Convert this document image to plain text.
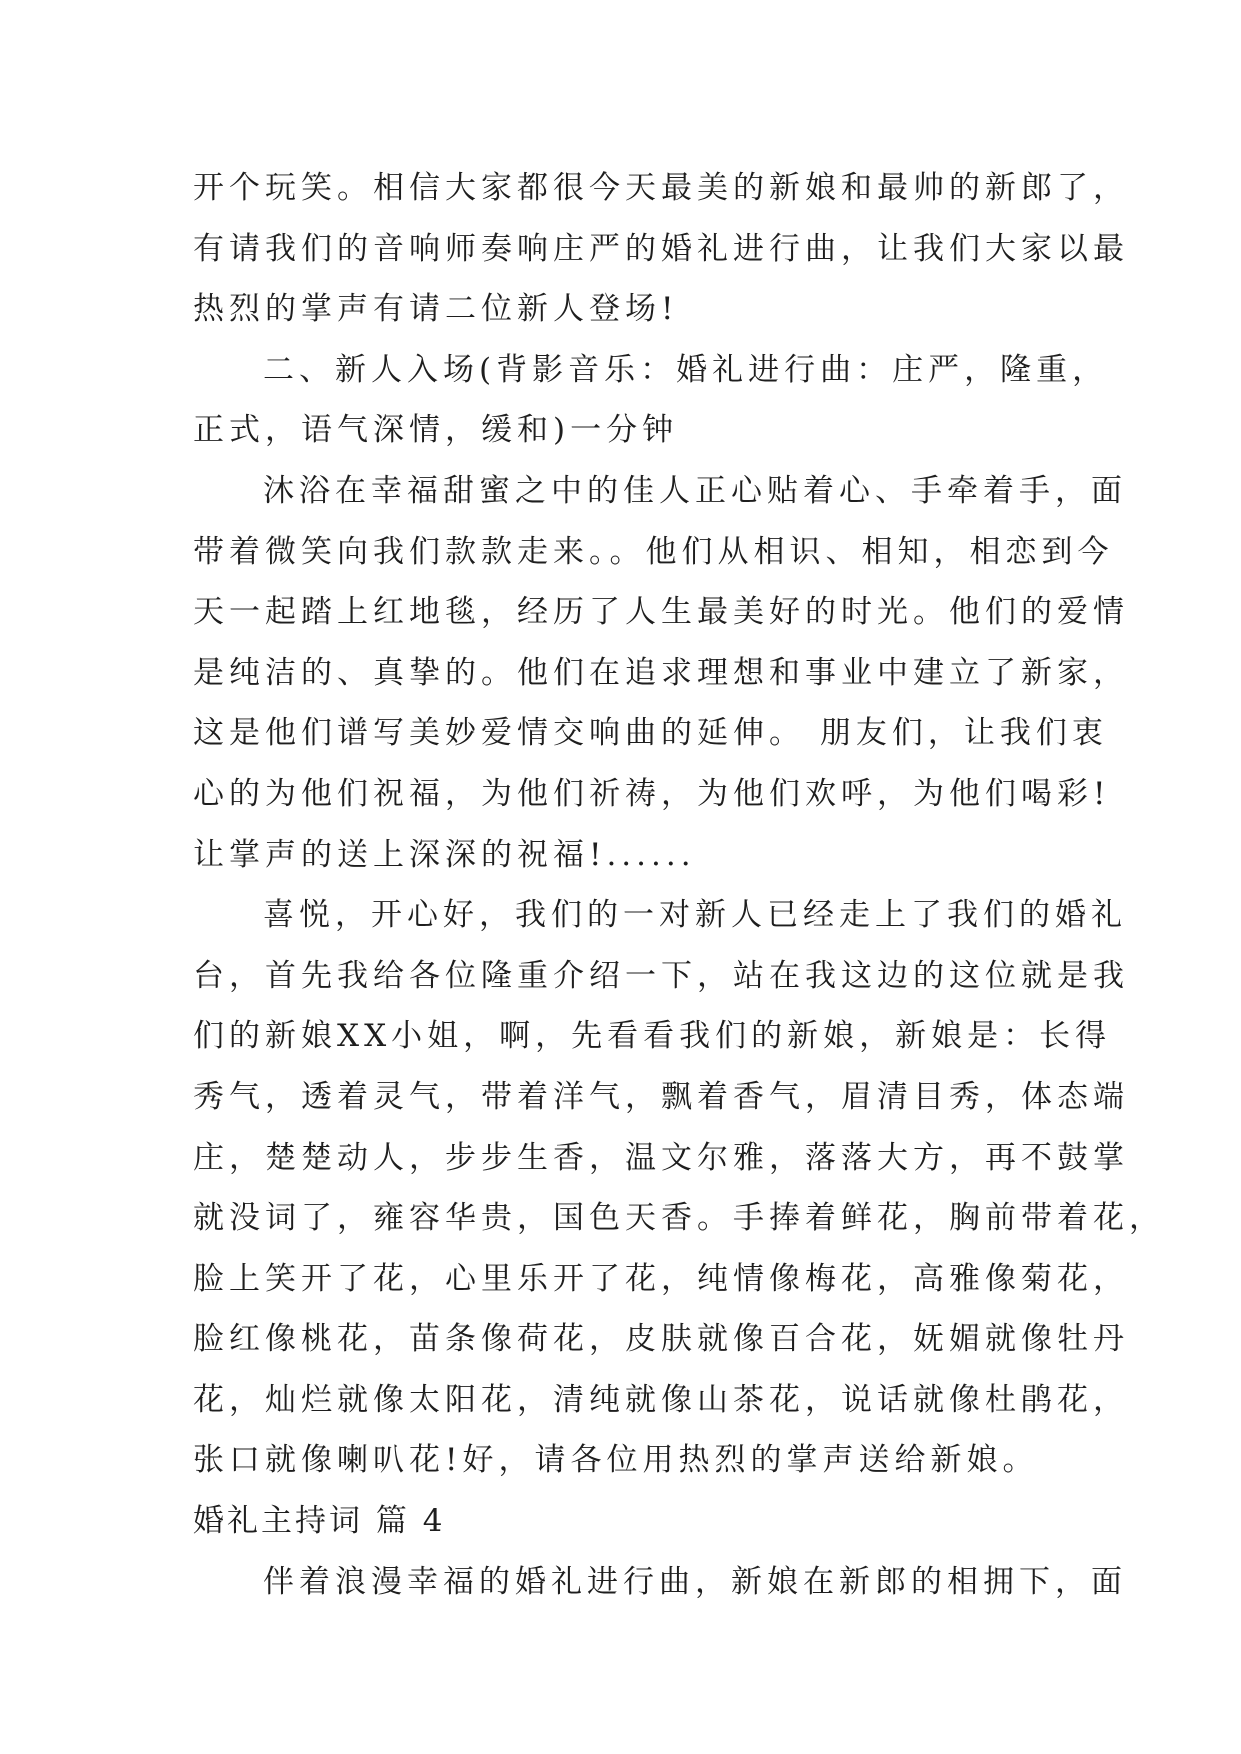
开个玩笑。相信大家都很今天最美的新娘和最帅的新郎了，
有请我们的音响师奏响庄严的婚礼进行曲，让我们大家以最
热烈的掌声有请二位新人登场!
二、新人入场(背影音乐：婚礼进行曲：庄严，隆重，
正式，语气深情，缓和)一分钟
沐浴在幸福甜蜜之中的佳人正心贴着心、手牵着手，面
带着微笑向我们款款走来。。他们从相识、相知，相恋到今
天一起踏上红地毯，经历了人生最美好的时光。他们的爱情
是纯洁的、真挚的。他们在追求理想和事业中建立了新家，
这是他们谱写美妙爱情交响曲的延伸。 朋友们，让我们衷
心的为他们祝福，为他们祈祷，为他们欢呼，为他们喝彩!
让掌声的送上深深的祝福!......
喜悦，开心好，我们的一对新人已经走上了我们的婚礼
台，首先我给各位隆重介绍一下，站在我这边的这位就是我
们的新娘XX小姐，啊，先看看我们的新娘，新娘是：长得
秀气，透着灵气，带着洋气，飘着香气，眉清目秀，体态端
庄，楚楚动人，步步生香，温文尔雅，落落大方，再不鼓掌
就没词了，雍容华贵，国色天香。手捧着鲜花，胸前带着花，
脸上笑开了花，心里乐开了花，纯情像梅花，高雅像菊花，
脸红像桃花，苗条像荷花，皮肤就像百合花，妩媚就像牡丹
花，灿烂就像太阳花，清纯就像山茶花，说话就像杜鹃花，
张口就像喇叭花!好，请各位用热烈的掌声送给新娘。
婚礼主持词 篇 4
伴着浪漫幸福的婚礼进行曲，新娘在新郎的相拥下，面
